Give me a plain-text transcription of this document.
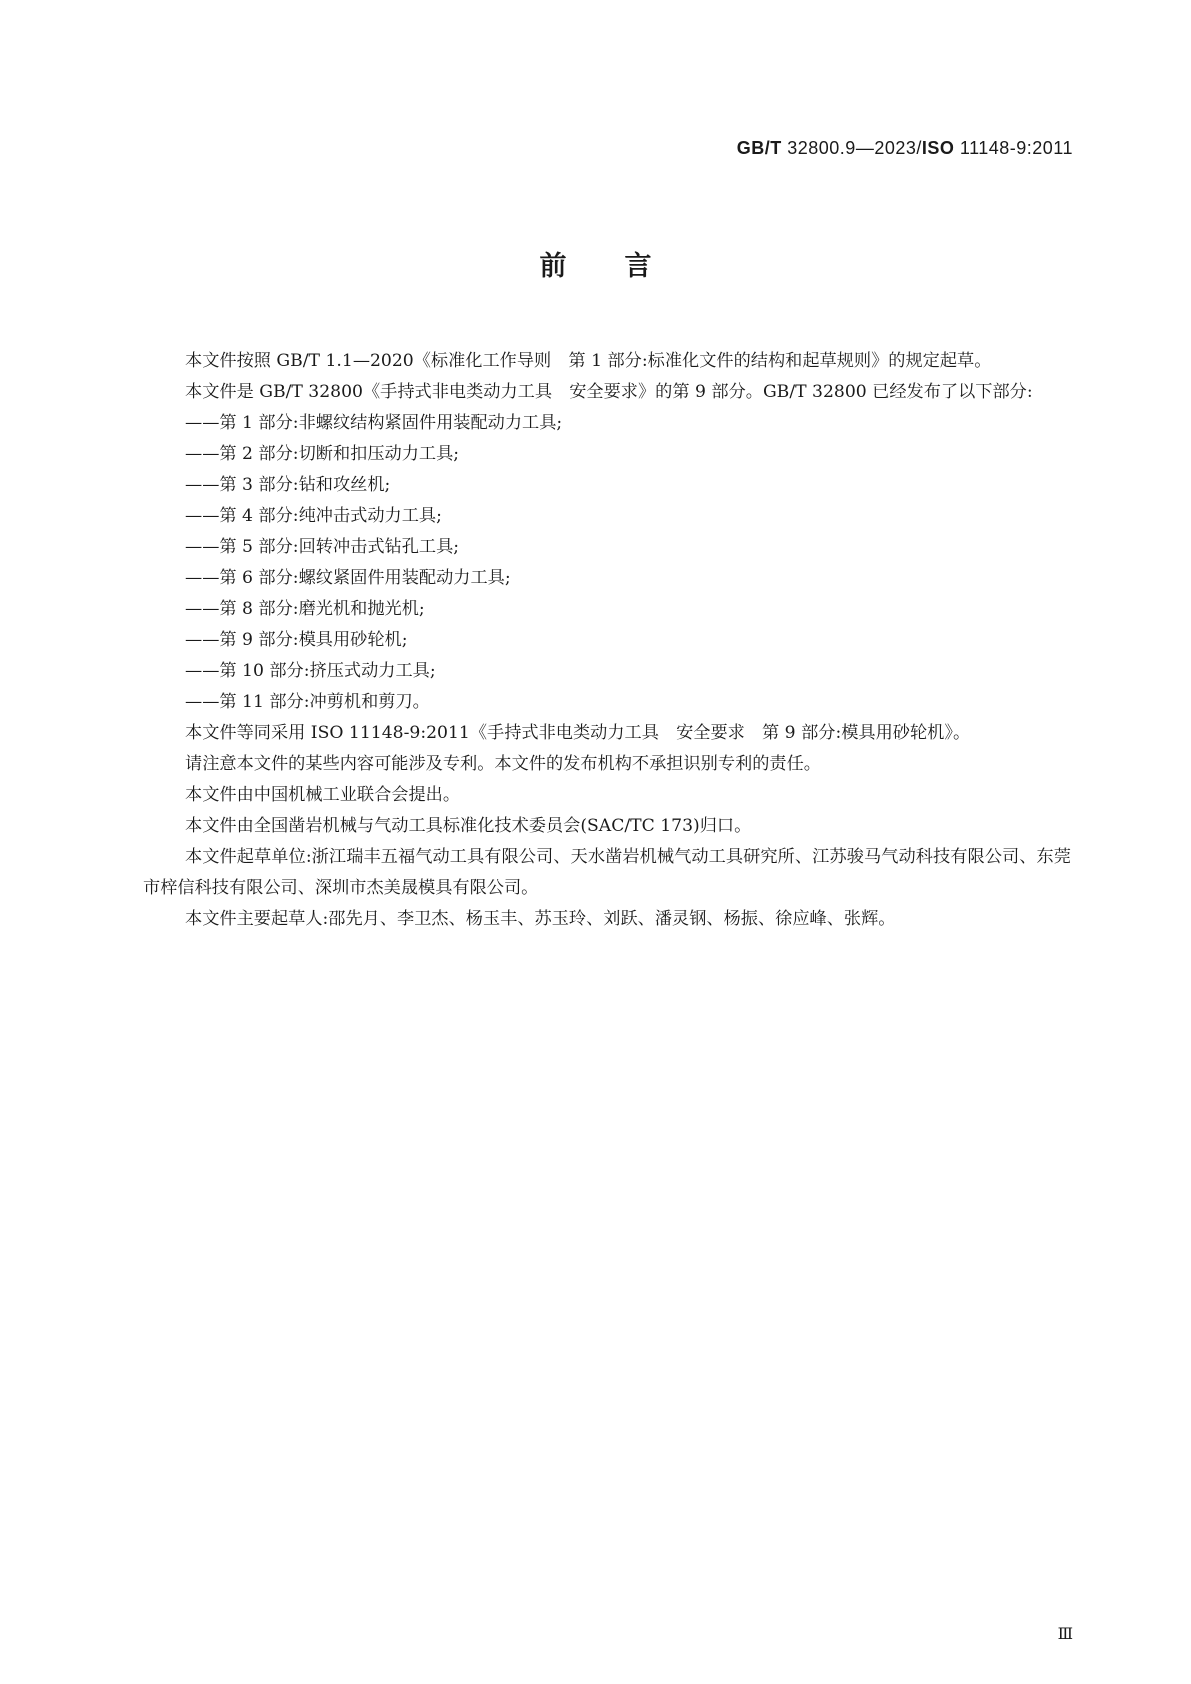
GB/T 32800.9—2023/ISO 11148-9:2011
前言

本文件按照 GB/T 1.1—2020《标准化工作导则　第 1 部分:标准化文件的结构和起草规则》的规定起草。

本文件是 GB/T 32800《手持式非电类动力工具　安全要求》的第 9 部分。GB/T 32800 已经发布了以下部分:

——第 1 部分:非螺纹结构紧固件用装配动力工具;

——第 2 部分:切断和扣压动力工具;

——第 3 部分:钻和攻丝机;

——第 4 部分:纯冲击式动力工具;

——第 5 部分:回转冲击式钻孔工具;

——第 6 部分:螺纹紧固件用装配动力工具;

——第 8 部分:磨光机和抛光机;

——第 9 部分:模具用砂轮机;

——第 10 部分:挤压式动力工具;

——第 11 部分:冲剪机和剪刀。

本文件等同采用 ISO 11148-9:2011《手持式非电类动力工具　安全要求　第 9 部分:模具用砂轮机》。

请注意本文件的某些内容可能涉及专利。本文件的发布机构不承担识别专利的责任。

本文件由中国机械工业联合会提出。

本文件由全国凿岩机械与气动工具标准化技术委员会(SAC/TC 173)归口。

本文件起草单位:浙江瑞丰五福气动工具有限公司、天水凿岩机械气动工具研究所、江苏骏马气动科技有限公司、东莞市梓信科技有限公司、深圳市杰美晟模具有限公司。

本文件主要起草人:邵先月、李卫杰、杨玉丰、苏玉玲、刘跃、潘灵钢、杨振、徐应峰、张辉。

Ⅲ
